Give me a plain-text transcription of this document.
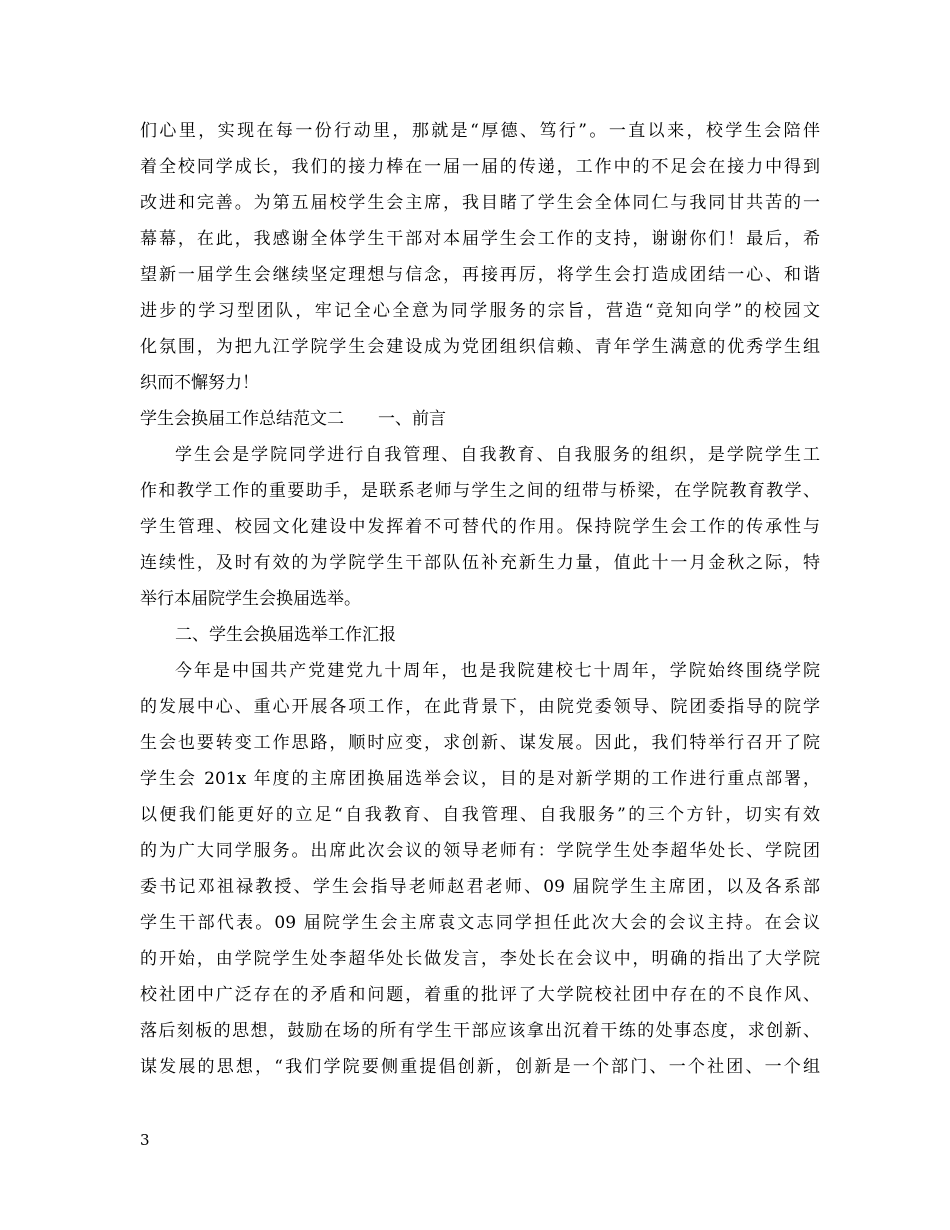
们心里，实现在每一份行动里，那就是“厚德、笃行”。一直以来，校学生会陪伴
着全校同学成长，我们的接力棒在一届一届的传递，工作中的不足会在接力中得到
改进和完善。为第五届校学生会主席，我目睹了学生会全体同仁与我同甘共苦的一
幕幕，在此，我感谢全体学生干部对本届学生会工作的支持，谢谢你们！最后，希
望新一届学生会继续坚定理想与信念，再接再厉，将学生会打造成团结一心、和谐
进步的学习型团队，牢记全心全意为同学服务的宗旨，营造“竞知向学”的校园文
化氛围，为把九江学院学生会建设成为党团组织信赖、青年学生满意的优秀学生组
织而不懈努力！
学生会换届工作总结范文二　　一、前言
学生会是学院同学进行自我管理、自我教育、自我服务的组织，是学院学生工
作和教学工作的重要助手，是联系老师与学生之间的纽带与桥梁，在学院教育教学、
学生管理、校园文化建设中发挥着不可替代的作用。保持院学生会工作的传承性与
连续性，及时有效的为学院学生干部队伍补充新生力量，值此十一月金秋之际，特
举行本届院学生会换届选举。
二、学生会换届选举工作汇报
今年是中国共产党建党九十周年，也是我院建校七十周年，学院始终围绕学院
的发展中心、重心开展各项工作，在此背景下，由院党委领导、院团委指导的院学
生会也要转变工作思路，顺时应变，求创新、谋发展。因此，我们特举行召开了院
学生会 201x 年度的主席团换届选举会议，目的是对新学期的工作进行重点部署，
以便我们能更好的立足“自我教育、自我管理、自我服务”的三个方针，切实有效
的为广大同学服务。出席此次会议的领导老师有：学院学生处李超华处长、学院团
委书记邓祖禄教授、学生会指导老师赵君老师、09 届院学生主席团，以及各系部
学生干部代表。09 届院学生会主席袁文志同学担任此次大会的会议主持。在会议
的开始，由学院学生处李超华处长做发言，李处长在会议中，明确的指出了大学院
校社团中广泛存在的矛盾和问题，着重的批评了大学院校社团中存在的不良作风、
落后刻板的思想，鼓励在场的所有学生干部应该拿出沉着干练的处事态度，求创新、
谋发展的思想，“我们学院要侧重提倡创新，创新是一个部门、一个社团、一个组
3
